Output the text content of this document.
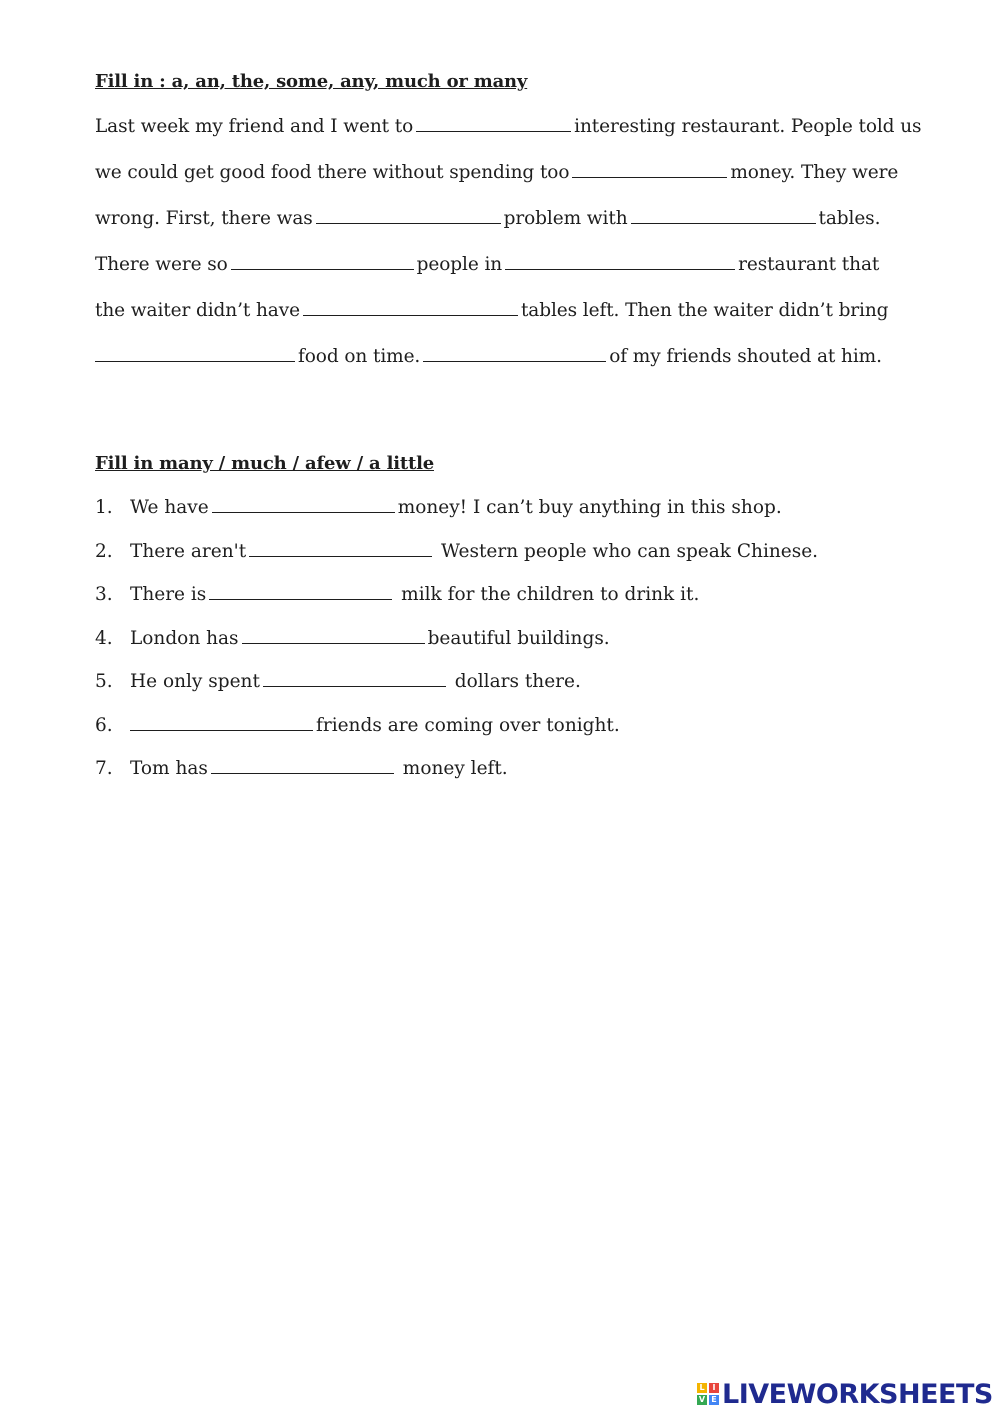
Fill in : a, an, the, some, any, much or many
Last week my friend and I went to	interesting restaurant. People told us
we could get good food there without spending too	money. They were
wrong. First, there was	problem with	tables.
There were so	people in	restaurant that
the waiter didn’t have	tables left. Then the waiter didn’t bring
food on time.	of my friends shouted at him.
Fill in many / much / afew / a little
1. We have	money! I can’t buy anything in this shop.
2. There aren't	Western people who can speak Chinese.
3. There is	milk for the children to drink it.
4. London has	beautiful buildings.
5. He only spent	dollars there.
6.	friends are coming over tonight.
7. Tom has	money left.
L I
V E LIVEWORKSHEETS
